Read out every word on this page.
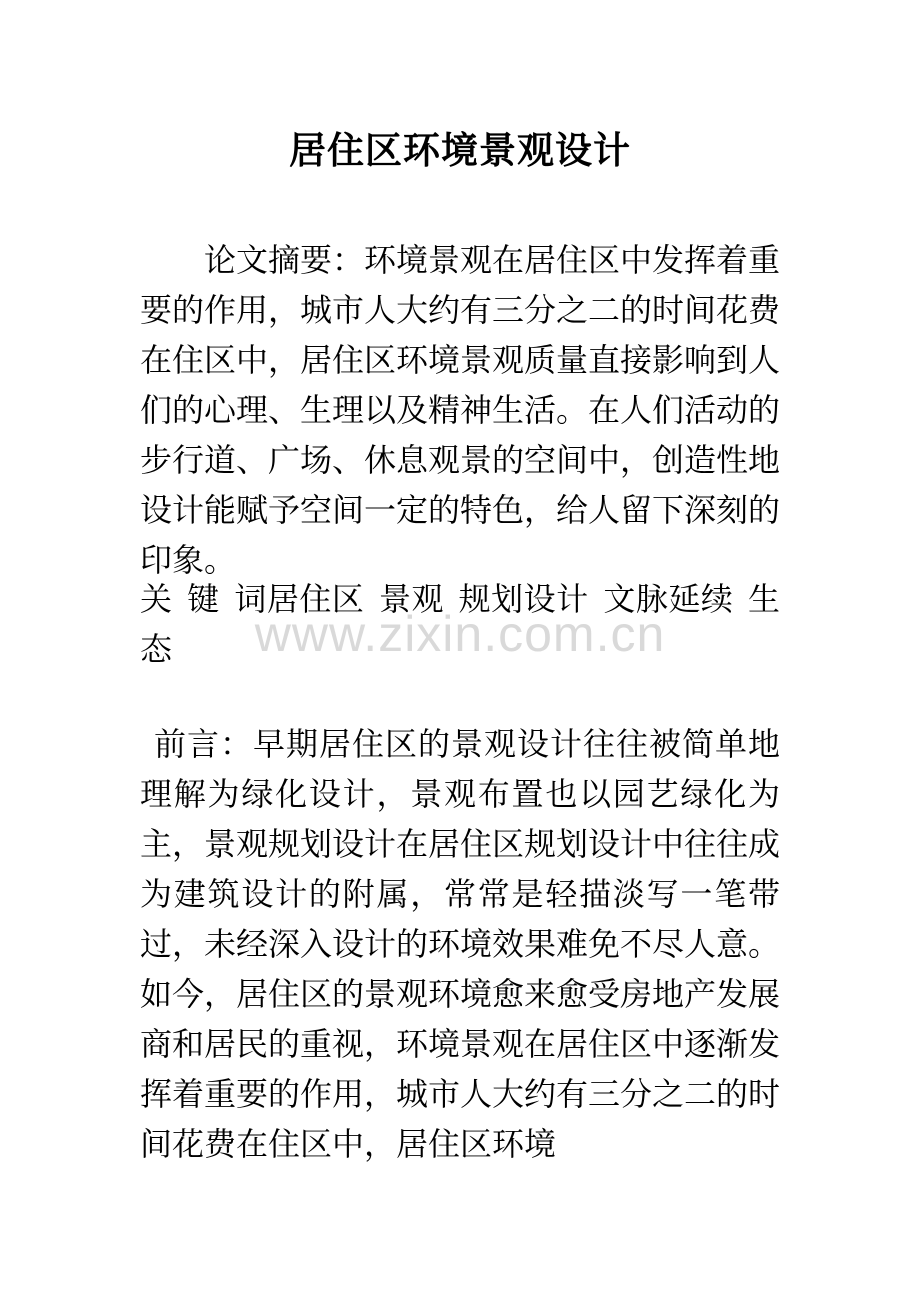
居住区环境景观设计

论文摘要：环境景观在居住区中发挥着重要的作用，城市人大约有三分之二的时间花费在住区中，居住区环境景观质量直接影响到人们的心理、生理以及精神生活。在人们活动的步行道、广场、休息观景的空间中，创造性地设计能赋予空间一定的特色，给人留下深刻的印象。

关 键 词居住区 景观 规划设计 文脉延续 生态

前言：早期居住区的景观设计往往被简单地理解为绿化设计，景观布置也以园艺绿化为主，景观规划设计在居住区规划设计中往往成为建筑设计的附属，常常是轻描淡写一笔带过，未经深入设计的环境效果难免不尽人意。如今，居住区的景观环境愈来愈受房地产发展商和居民的重视，环境景观在居住区中逐渐发挥着重要的作用，城市人大约有三分之二的时间花费在住区中，居住区环境

www.zixin.com.cn
